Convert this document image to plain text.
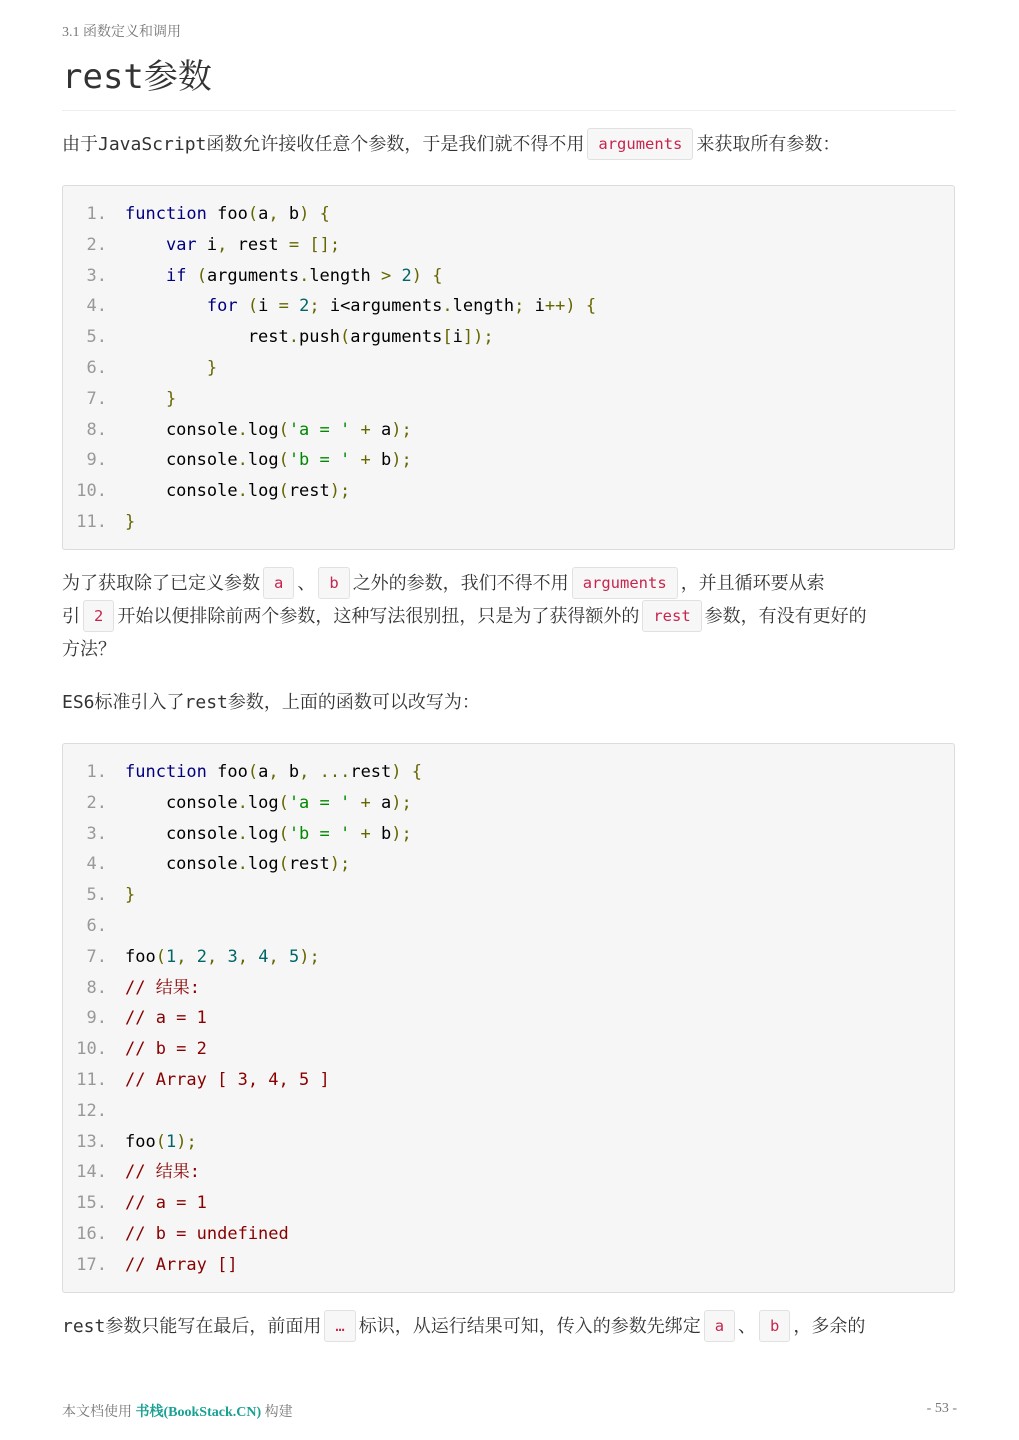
3.1 函数定义和调用
rest参数

由于JavaScript函数允许接收任意个参数，于是我们就不得不用 arguments 来获取所有参数：

1. function foo(a, b) {
2.	var i, rest = [];
3.	if (arguments.length > 2) {
4.	for (i = 2; i<arguments.length; i++) {
5.            rest.push(arguments[i]);
6.	}
7.	}
8.    console.log('a = ' + a);
9.    console.log('b = ' + b);
10.    console.log(rest);
11. }

为了获取除了已定义参数 a 、 b 之外的参数，我们不得不用 arguments ，并且循环要从索
引 2 开始以便排除前两个参数，这种写法很别扭，只是为了获得额外的 rest 参数，有没有更好的
方法？

ES6标准引入了rest参数，上面的函数可以改写为：

1. function foo(a, b, ...rest) {
2.    console.log('a = ' + a);
3.    console.log('b = ' + b);
4.    console.log(rest);
5. }
6.
7. foo(1, 2, 3, 4, 5);
8. // 结果:
9. // a = 1
10. // b = 2
11. // Array [ 3, 4, 5 ]
12.
13. foo(1);
14. // 结果:
15. // a = 1
16. // b = undefined
17. // Array []

rest参数只能写在最后，前面用 … 标识，从运行结果可知，传入的参数先绑定 a 、 b ，多余的

本文档使用 书栈(BookStack.CN) 构建	- 53 -
